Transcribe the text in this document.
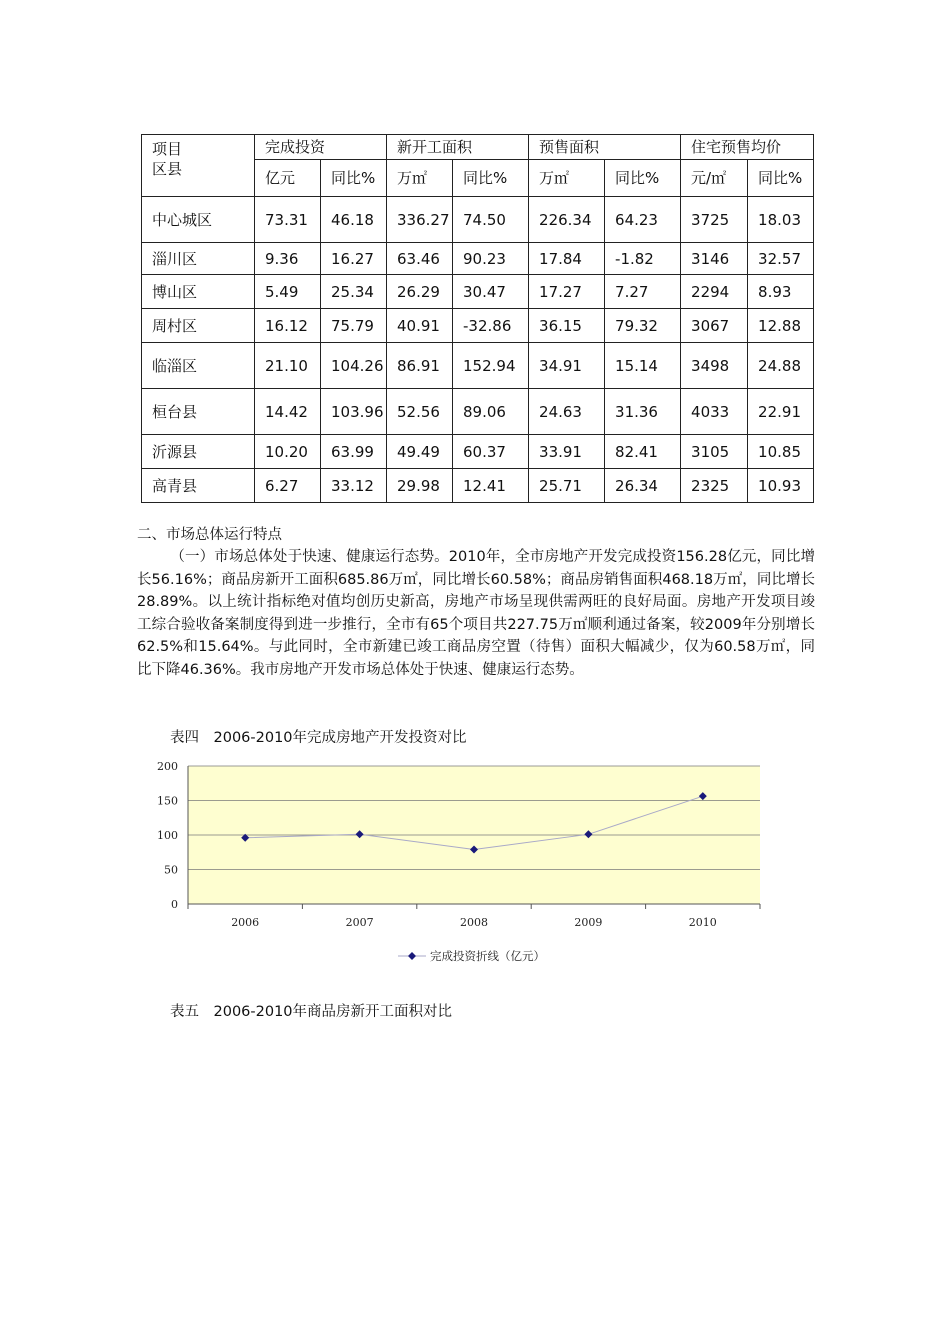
项目
区县	完成投资		新开工面积		预售面积		住宅预售均价	
	亿元	同比%	万㎡	同比%	万㎡	同比%	元/㎡	同比%
中心城区	73.31	46.18	336.27	74.50	226.34	64.23	3725	18.03
淄川区	9.36	16.27	63.46	90.23	17.84	-1.82	3146	32.57
博山区	5.49	25.34	26.29	30.47	17.27	7.27	2294	8.93
周村区	16.12	75.79	40.91	-32.86	36.15	79.32	3067	12.88
临淄区	21.10	104.26	86.91	152.94	34.91	15.14	3498	24.88
桓台县	14.42	103.96	52.56	89.06	24.63	31.36	4033	22.91
沂源县	10.20	63.99	49.49	60.37	33.91	82.41	3105	10.85
高青县	6.27	33.12	29.98	12.41	25.71	26.34	2325	10.93
二、市场总体运行特点
（一）市场总体处于快速、健康运行态势。2010年，全市房地产开发完成投资156.28亿元，同比增长56.16%；商品房新开工面积685.86万㎡，同比增长60.58%；商品房销售面积468.18万㎡，同比增长28.89%。以上统计指标绝对值均创历史新高，房地产市场呈现供需两旺的良好局面。房地产开发项目竣工综合验收备案制度得到进一步推行，全市有65个项目共227.75万㎡顺利通过备案，较2009年分别增长62.5%和15.64%。与此同时，全市新建已竣工商品房空置（待售）面积大幅减少，仅为60.58万㎡，同比下降46.36%。我市房地产开发市场总体处于快速、健康运行态势。
表四　2006-2010年完成房地产开发投资对比
0
50
100
150
200
2006	2007	2008	2009	2010
完成投资折线（亿元）
表五　2006-2010年商品房新开工面积对比
